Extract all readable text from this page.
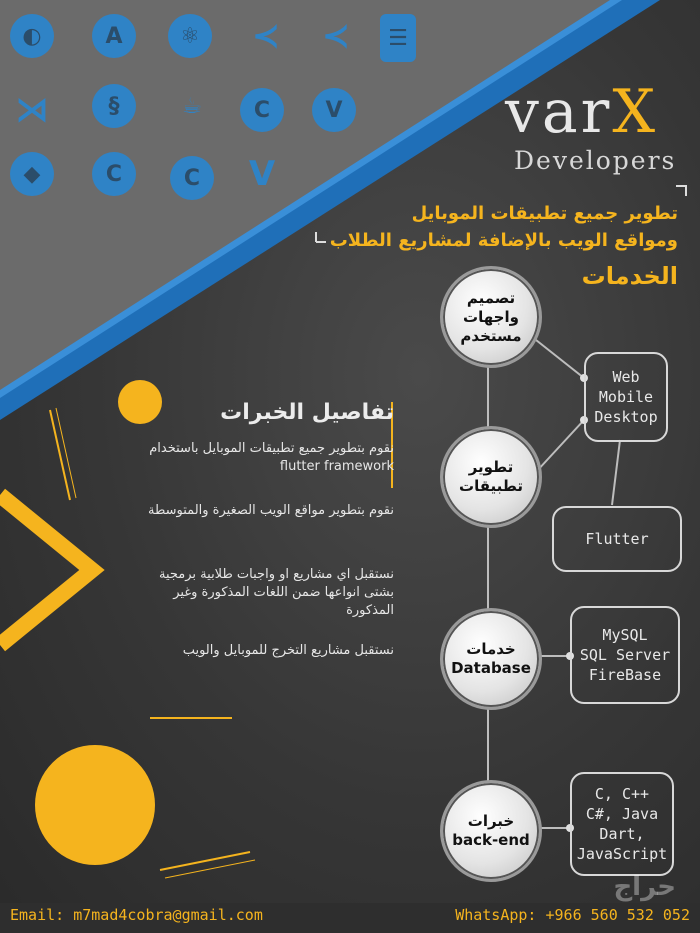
◐	A	⚛	≺ ≺	☰
⋊	§	☕	C	V
◆	C	C	V
varX
Developers
تطوير جميع تطبيقات الموبايل
ومواقع الويب بالإضافة لمشاريع الطلاب
الخدمات
تصميم واجهات مستخدم
تطوير تطبيقات
خدمات Database
خبرات back-end
Web
Mobile
Desktop
Flutter
MySQL
SQL Server
FireBase
C, C++
C#, Java
Dart,
JavaScript
تفاصيل الخبرات
نقوم بتطوير جميع تطبيقات الموبايل باستخدام flutter framework
نقوم بتطوير مواقع الويب الصغيرة والمتوسطة
نستقبل اي مشاريع او واجبات طلابية برمجية بشتى انواعها ضمن اللغات المذكورة وغير المذكورة
نستقبل مشاريع التخرج للموبايل والويب
حراج
Email: m7mad4cobra@gmail.com	WhatsApp: +966 560 532 052
